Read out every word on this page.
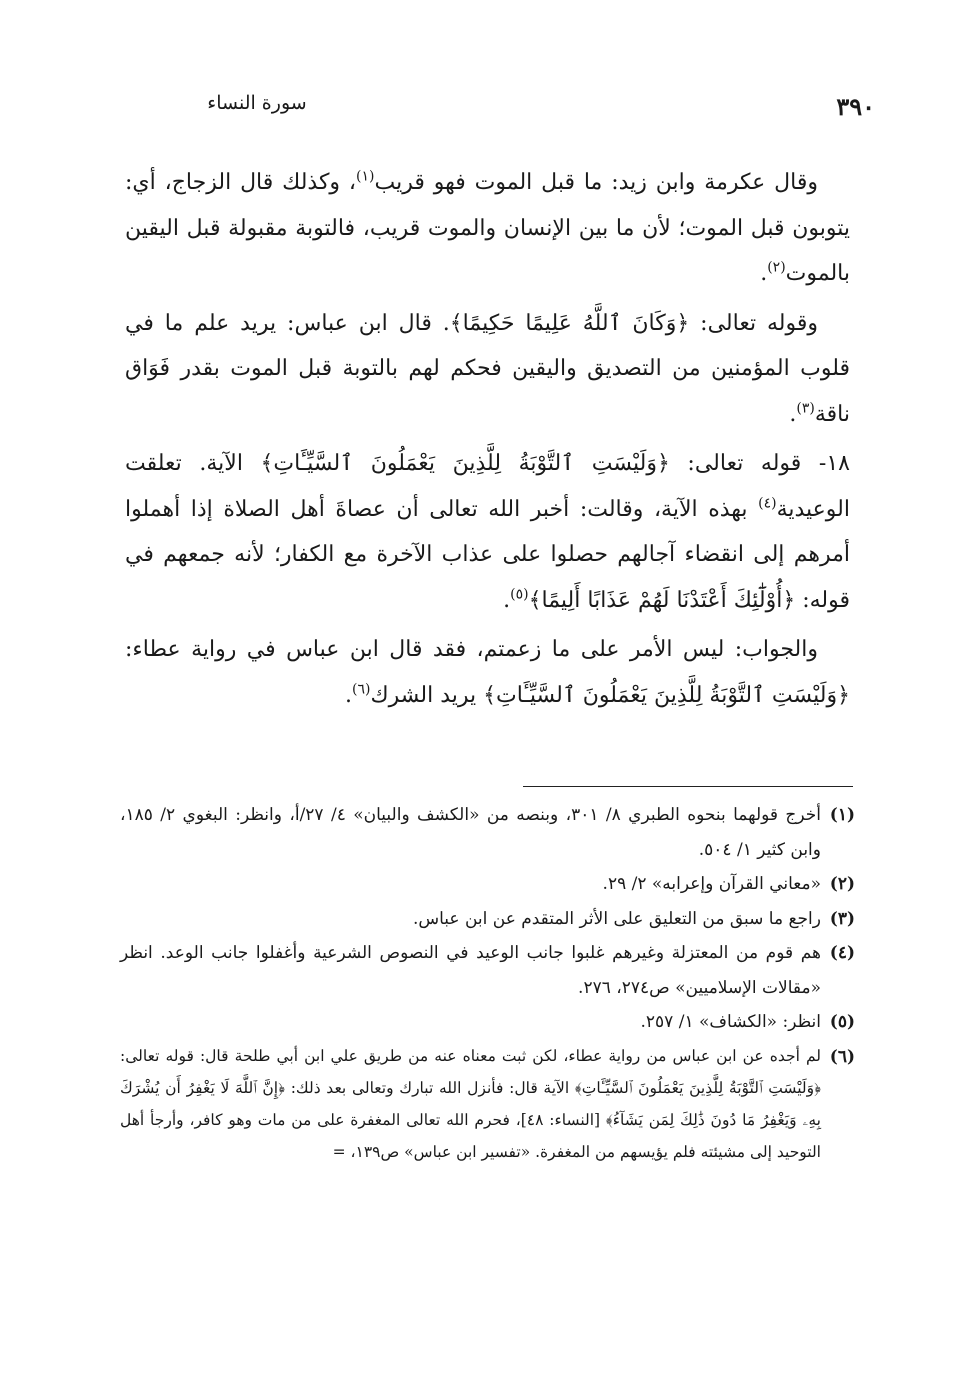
سورة النساء	٣٩٠

وقال عكرمة وابن زيد: ما قبل الموت فهو قريب$^{(١)}$، وكذلك قال الزجاج، أي: يتوبون قبل الموت؛ لأن ما بين الإنسان والموت قريب، فالتوبة مقبولة قبل اليقين بالموت$^{(٢)}$.

وقوله تعالى: ﴿وَكَانَ ٱللَّهُ عَلِيمًا حَكِيمًا﴾. قال ابن عباس: يريد علم ما في قلوب المؤمنين من التصديق واليقين فحكم لهم بالتوبة قبل الموت بقدر فَوَاق ناقة$^{(٣)}$.

١٨- قوله تعالى: ﴿وَلَيْسَتِ ٱلتَّوْبَةُ لِلَّذِينَ يَعْمَلُونَ ٱلسَّيِّـَٔاتِ﴾ الآية. تعلقت الوعيدية$^{(٤)}$ بهذه الآية، وقالت: أخبر الله تعالى أن عصاةَ أهل الصلاة إذا أهملوا أمرهم إلى انقضاء آجالهم حصلوا على عذاب الآخرة مع الكفار؛ لأنه جمعهم في قوله: ﴿أُوْلَٰٓئِكَ أَعْتَدْنَا لَهُمْ عَذَابًا أَلِيمًا﴾$^{(٥)}$.

والجواب: ليس الأمر على ما زعمتم، فقد قال ابن عباس في رواية عطاء: ﴿وَلَيْسَتِ ٱلتَّوْبَةُ لِلَّذِينَ يَعْمَلُونَ ٱلسَّيِّـَٔاتِ﴾ يريد الشرك$^{(٦)}$.

(١)
أخرج قولهما بنحوه الطبري ٨/ ٣٠١، وبنصه من «الكشف والبيان» ٤/ ٢٧/أ، وانظر: البغوي ٢/ ١٨٥، وابن كثير ١/ ٥٠٤.
(٢)
«معاني القرآن وإعرابه» ٢/ ٢٩.
(٣)
راجع ما سبق من التعليق على الأثر المتقدم عن ابن عباس.
(٤)
هم قوم من المعتزلة وغيرهم غلبوا جانب الوعيد في النصوص الشرعية وأغفلوا جانب الوعد. انظر «مقالات الإسلاميين» ص٢٧٤، ٢٧٦.
(٥)
انظر: «الكشاف» ١/ ٢٥٧.
(٦)
لم أجده عن ابن عباس من رواية عطاء، لكن ثبت معناه عنه من طريق علي ابن أبي طلحة قال: قوله تعالى: ﴿وَلَيْسَتِ ٱلتَّوْبَةُ لِلَّذِينَ يَعْمَلُونَ ٱلسَّيِّـَٔاتِ﴾ الآية قال: فأنزل الله تبارك وتعالى بعد ذلك: ﴿إِنَّ ٱللَّهَ لَا يَغْفِرُ أَن يُشْرَكَ بِهِۦ وَيَغْفِرُ مَا دُونَ ذَٰلِكَ لِمَن يَشَآءُ﴾ [النساء: ٤٨]، فحرم الله تعالى المغفرة على من مات وهو كافر، وأرجأ أهل التوحيد إلى مشيئته فلم يؤيسهم من المغفرة. «تفسير ابن عباس» ص١٣٩، =
